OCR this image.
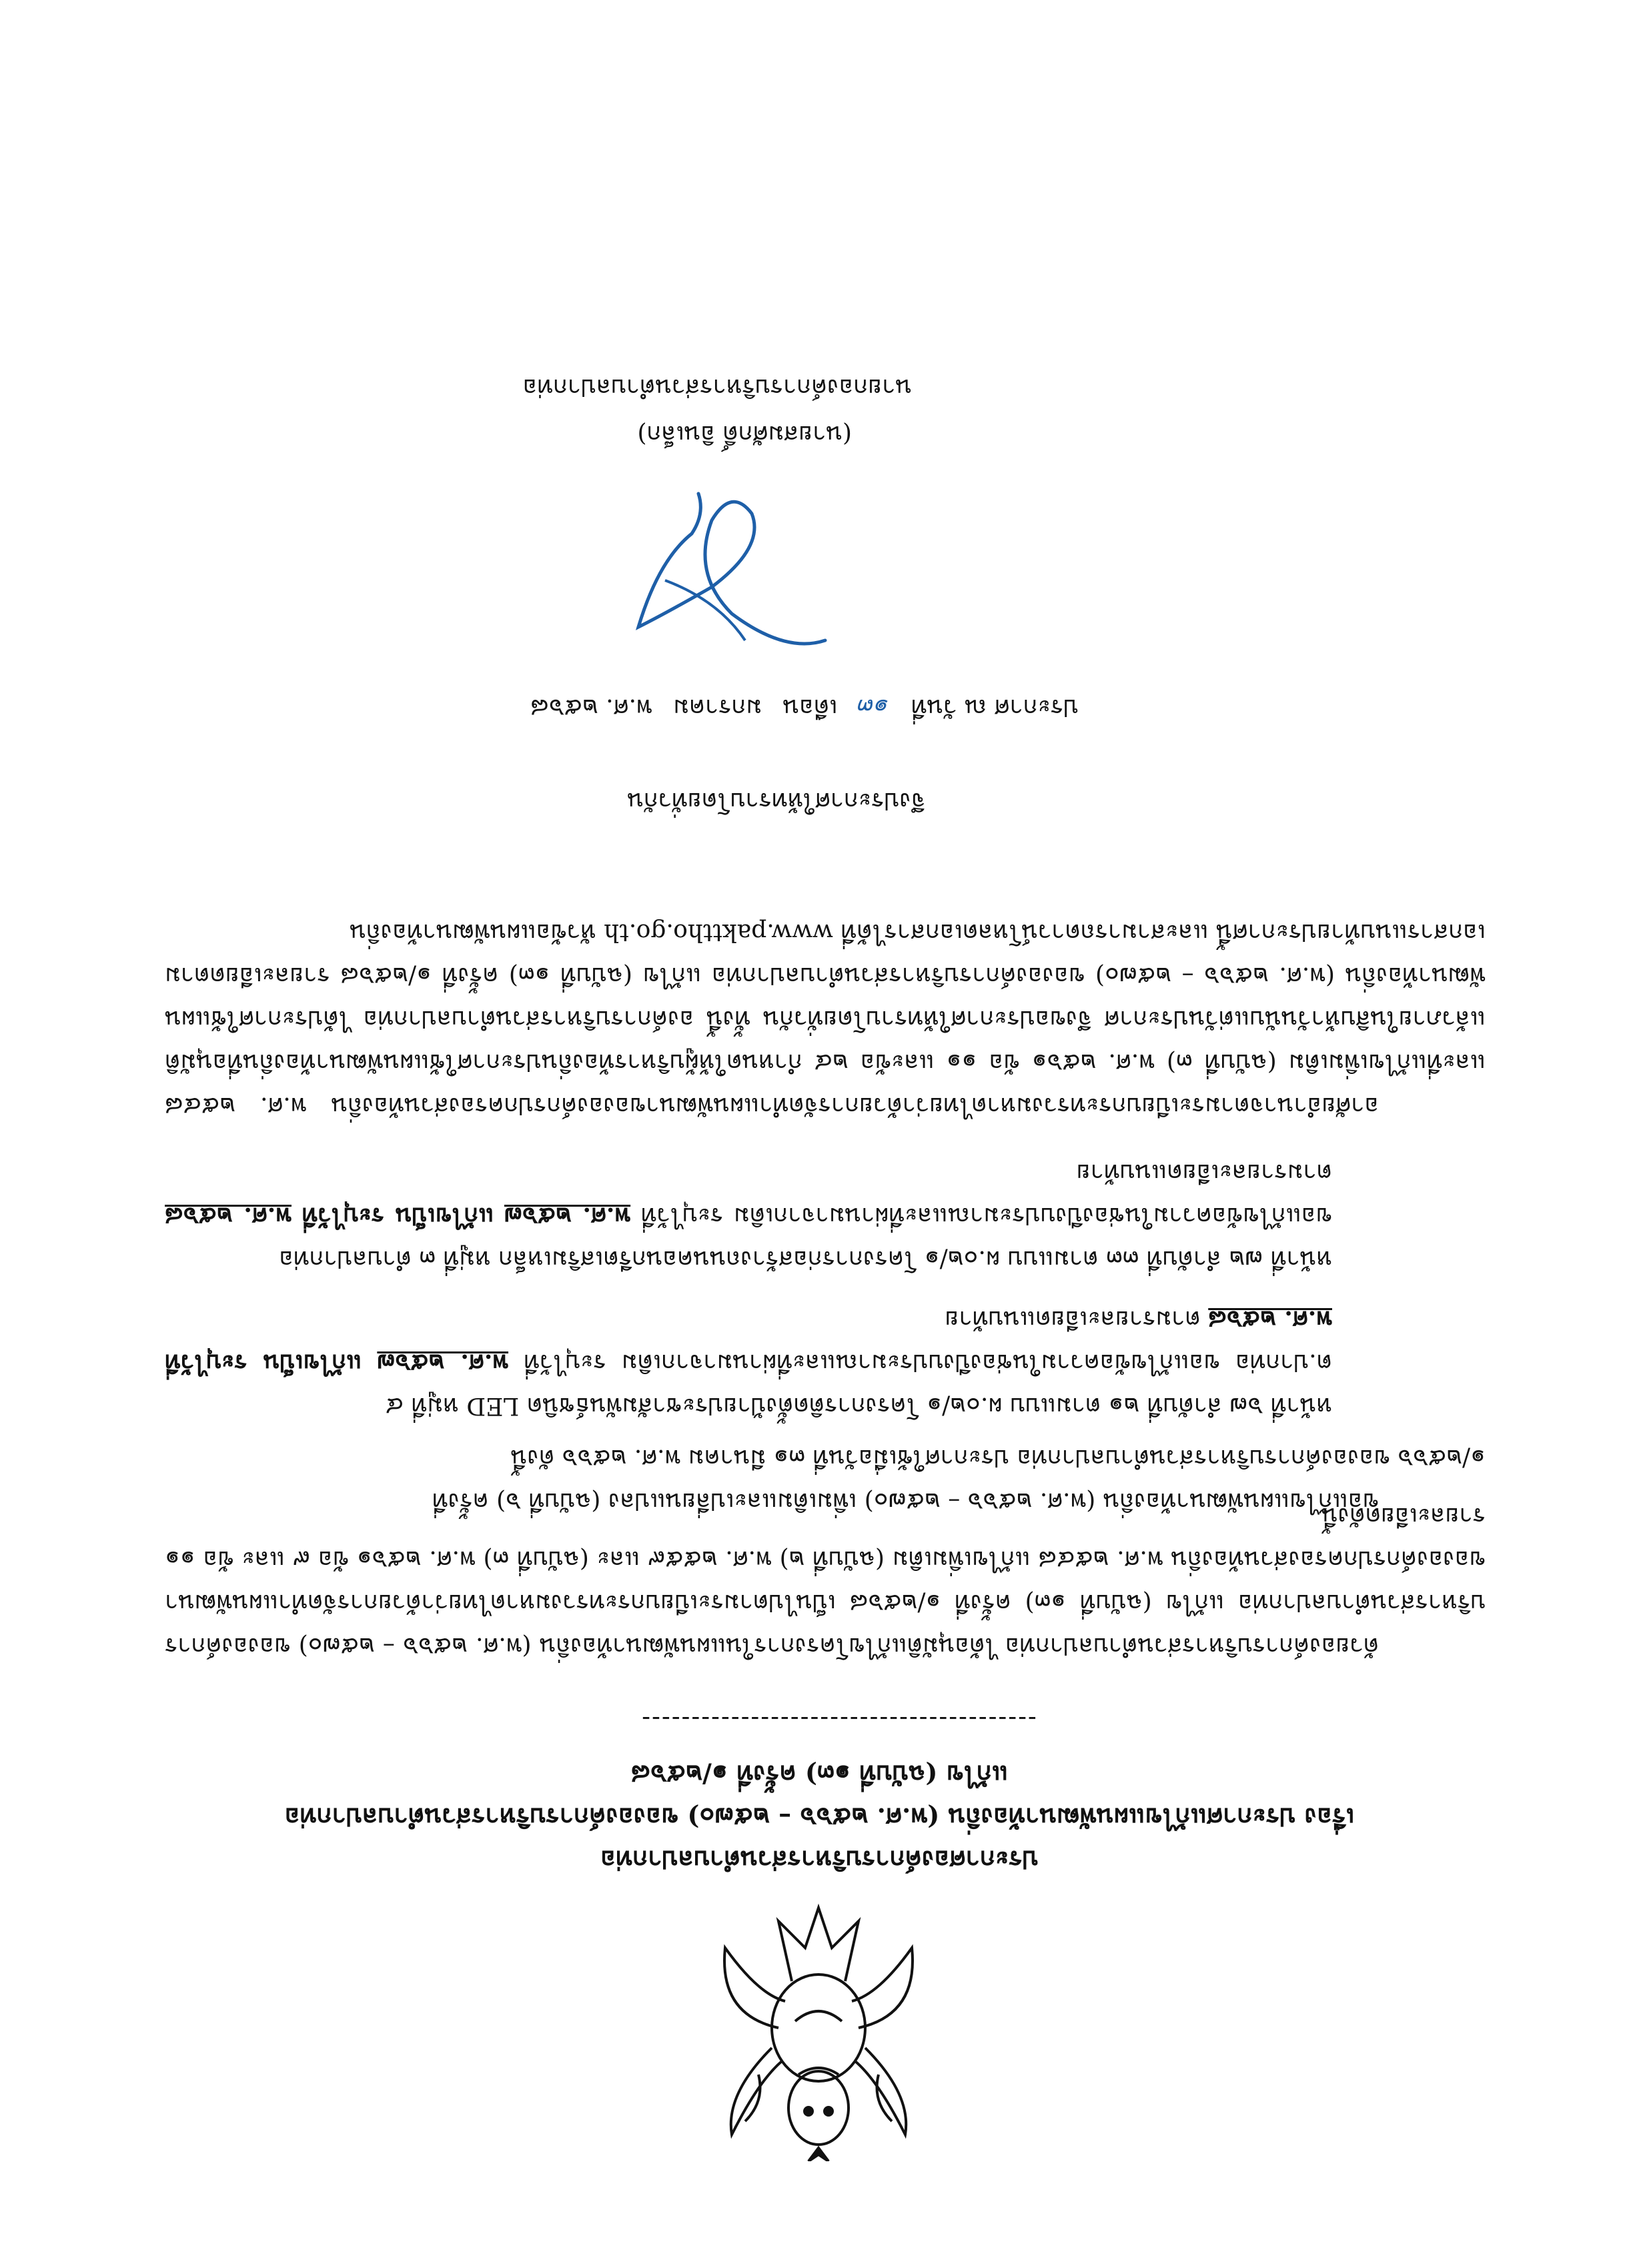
ประกาศองค์การบริหารส่วนตำบลปากท่อ
เรื่อง ประกาศแก้ไขแผนพัฒนาท้องถิ่น (พ.ศ. ๒๕๖๖ – ๒๕๗๐) ขององค์การบริหารส่วนตำบลปากท่อ
แก้ไข (ฉบับที่ ๑๓) ครั้งที่ ๑/๒๕๖๘
----------------------------------------
ด้วยองค์การบริหารส่วนตำบลปากท่อ ได้อนุมัติแก้ไขโครงการในแผนพัฒนาท้องถิ่น (พ.ศ. ๒๕๖๖ – ๒๕๗๐) ขององค์การบริหารส่วนตำบลปากท่อ แก้ไข (ฉบับที่ ๑๓) ครั้งที่ ๑/๒๕๖๘ เป็นไปตามระเบียบกระทรวงมหาดไทยว่าด้วยการจัดทำแผนพัฒนาขององค์กรปกครองส่วนท้องถิ่น พ.ศ. ๒๕๔๘ แก้ไขเพิ่มเติม (ฉบับที่ ๒) พ.ศ. ๒๕๕๙ และ (ฉบับที่ ๓) พ.ศ. ๒๕๖๑ ข้อ ๙ และ ข้อ ๑๑ รายละเอียดดังนี้
ขอแก้ไขแผนพัฒนาท้องถิ่น (พ.ศ. ๒๕๖๖ – ๒๕๗๐) เพิ่มเติมและเปลี่ยนแปลง (ฉบับที่ ๖) ครั้งที่
๑/๒๕๖๖ ขององค์การบริหารส่วนตำบลปากท่อ ประกาศใช้เมื่อวันที่ ๓๑ มีนาคม พ.ศ. ๒๕๖๖ ดังนี้
หน้าที่ ๖๗ ลำดับที่ ๒๑ ตามแบบ ผ.๐๒/๑ โครงการติดตั้งป้ายประชาสัมพันธ์ชนิด LED หมู่ที่ ๔
ต.ปากท่อ ขอแก้ไขข้อความในช่องปีงบประมาณและที่ผ่านมาจากเดิม ระบุไว้ที่ พ.ศ. ๒๕๖๗ แก้ไขเป็น ระบุไว้ที่ พ.ศ. ๒๕๖๘ ตามรายละเอียดแนบท้าย
หน้าที่ ๗๒ ลำดับที่ ๓๓ ตามแบบ ผ.๐๒/๑ โครงการก่อสร้างถนนคอนกรีตเสริมเหล็ก หมู่ที่ ๓ ตำบลปากท่อ
ขอแก้ไขข้อความในช่องปีงบประมาณและที่ผ่านมาจากเดิม ระบุไว้ที่ พ.ศ. ๒๕๖๗ แก้ไขเป็น ระบุไว้ที่ พ.ศ. ๒๕๖๘ ตามรายละเอียดแนบท้าย
อาศัยอำนาจตามระเบียบกระทรวงมหาดไทยว่าด้วยการจัดทำแผนพัฒนาขององค์กรปกครองส่วนท้องถิ่น พ.ศ. ๒๕๔๘ และที่แก้ไขเพิ่มเติม (ฉบับที่ ๓) พ.ศ. ๒๕๖๑ ข้อ ๑๑ และข้อ ๒๔ กำหนดให้ผู้บริหารท้องถิ่นประกาศใช้แผนพัฒนาท้องถิ่นที่อนุมัติแล้วภายในสิบห้าวันนับแต่วันประกาศ จึงขอประกาศให้ทราบโดยทั่วกัน ทั้งนี้ องค์การบริหารส่วนตำบลปากท่อ ได้ประกาศใช้แผนพัฒนาท้องถิ่น (พ.ศ. ๒๕๖๖ – ๒๕๗๐) ขององค์การบริหารส่วนตำบลปากท่อ แก้ไข (ฉบับที่ ๑๓) ครั้งที่ ๑/๒๕๖๘ รายละเอียดตามเอกสารแนบท้ายประกาศนี้ และสามารถดาวน์โหลดเอกสารได้ที่ www.pakttho.go.th หัวข้อแผนพัฒนาท้องถิ่น
จึงประกาศให้ทราบโดยทั่วกัน
ประกาศ ณ วันที่ ๑๓ เดือน มกราคม พ.ศ. ๒๕๖๘
(นายสมศักดิ์ อินเล็ก)
นายกองค์การบริหารส่วนตำบลปากท่อ
